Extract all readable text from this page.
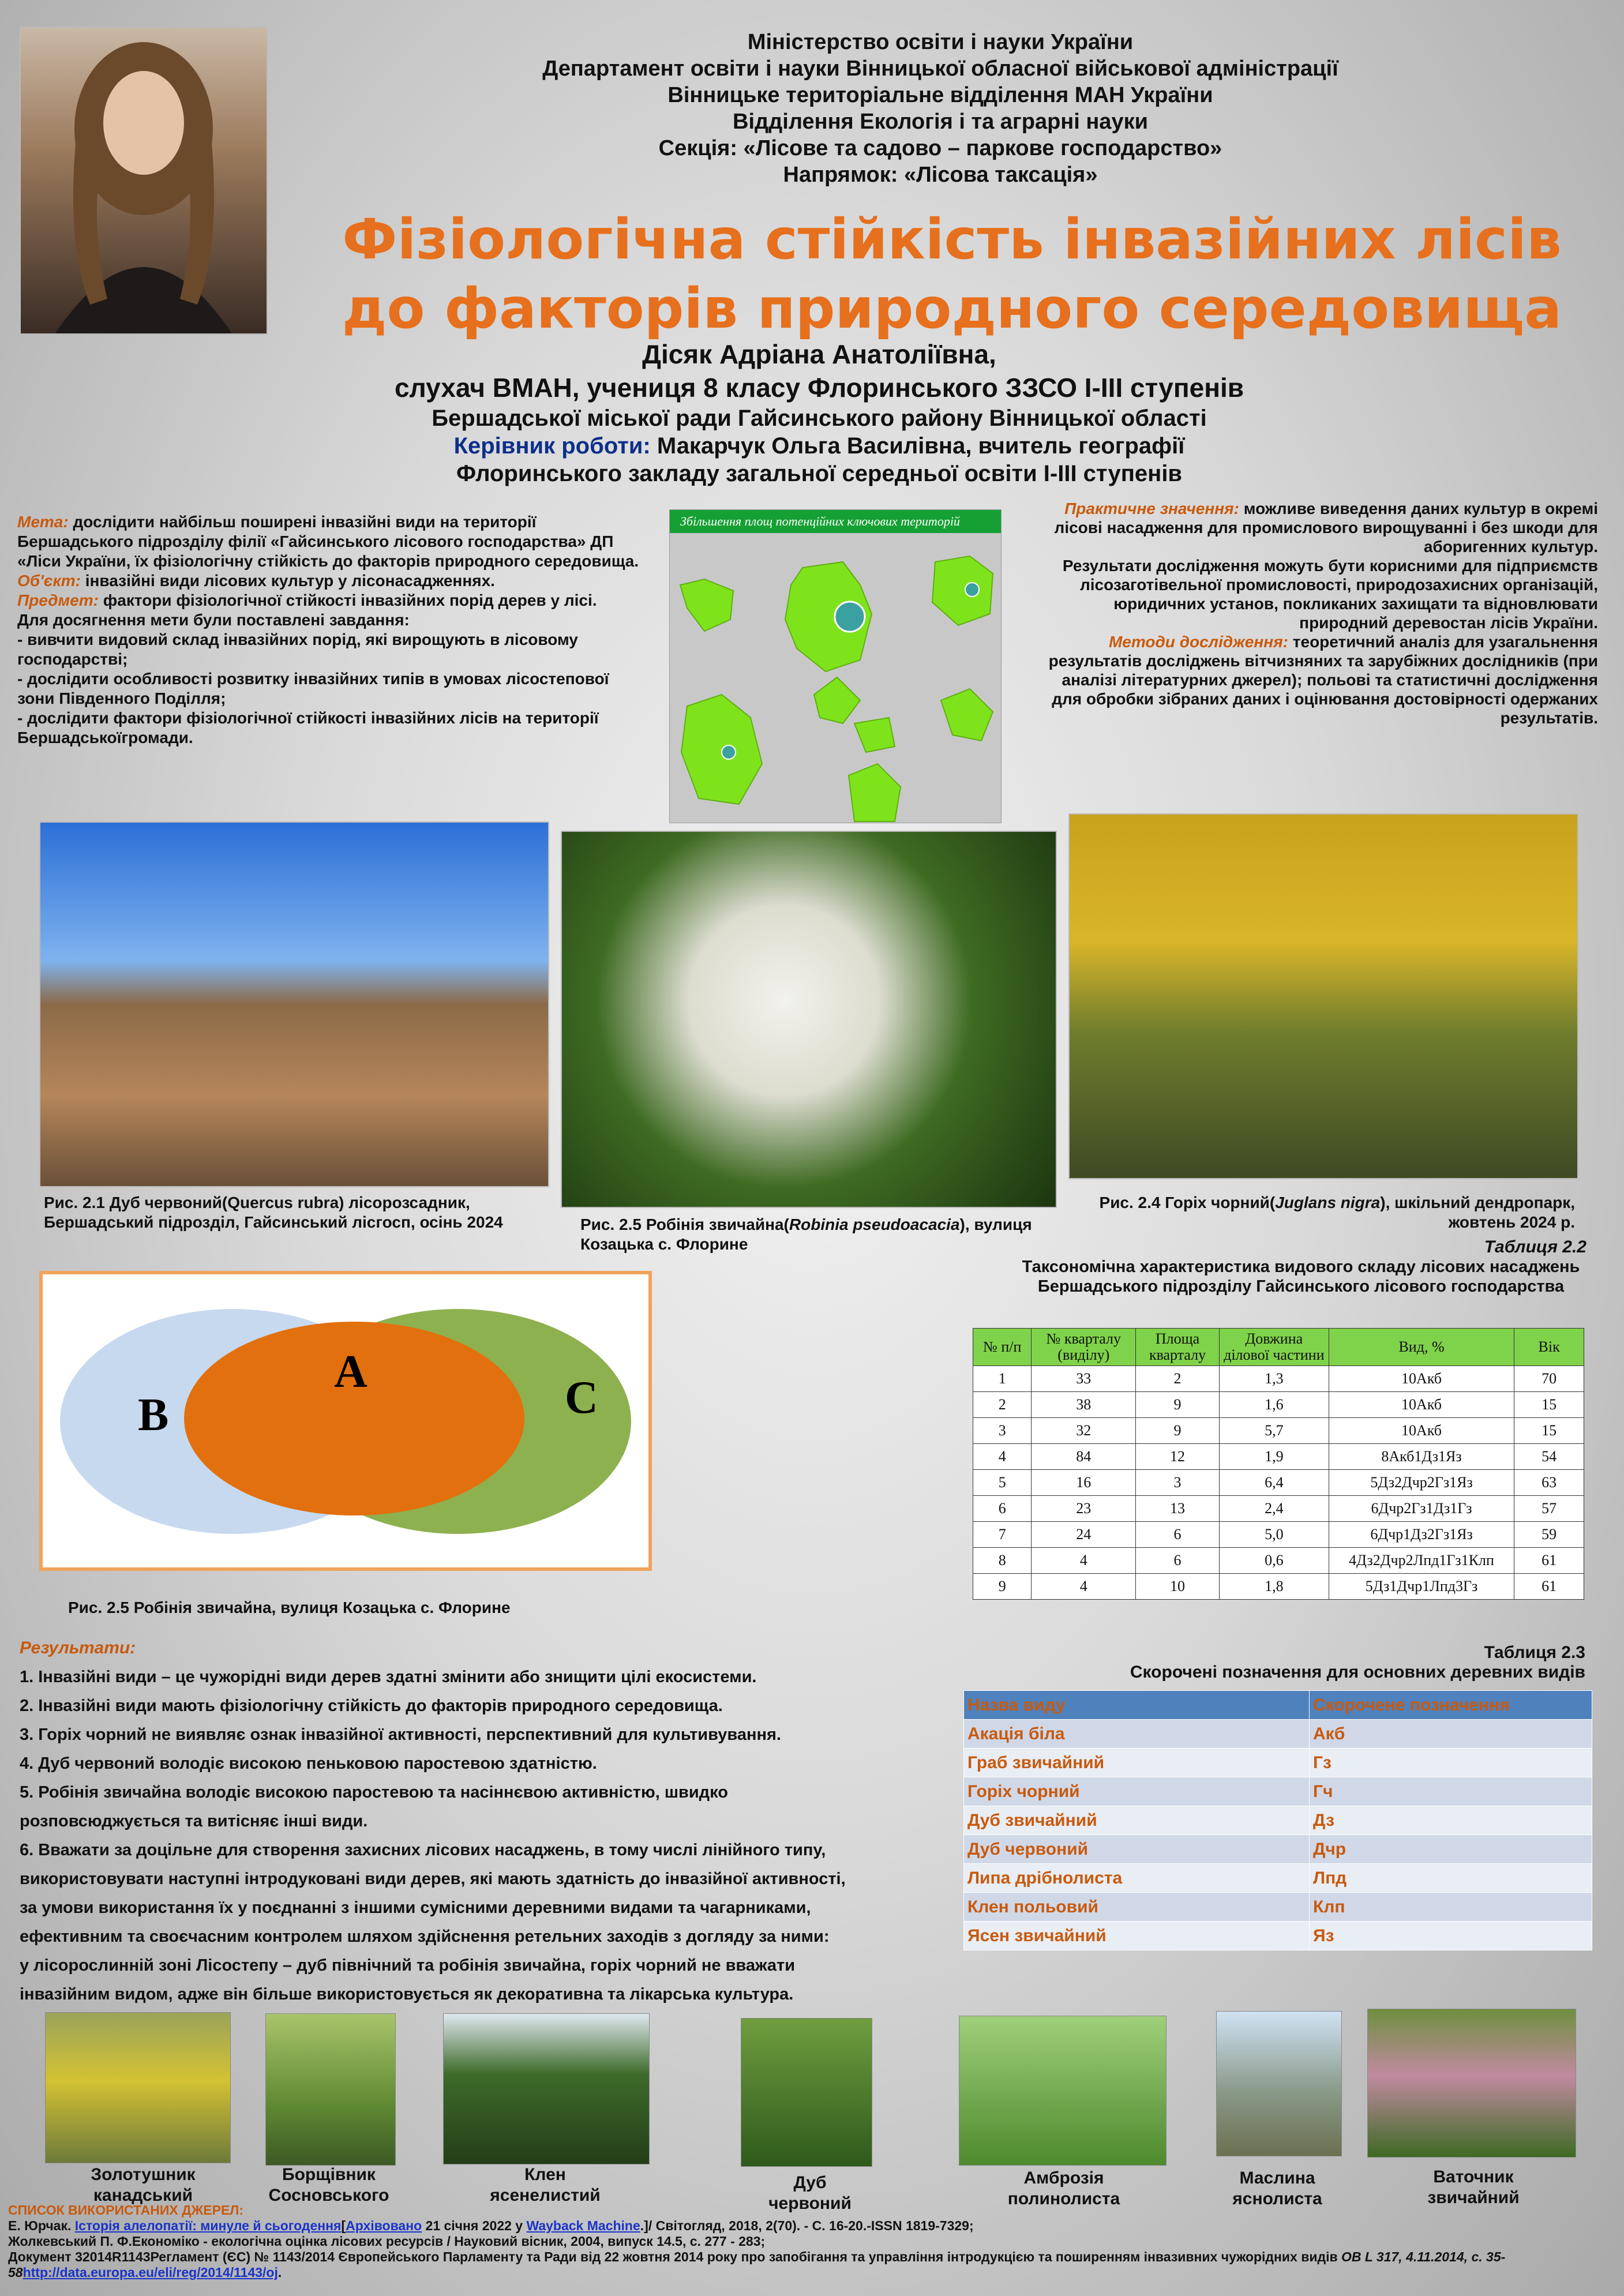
Міністерство освіти і науки України
Департамент освіти і науки Вінницької обласної військової адміністрації
Вінницьке територіальне відділення МАН України
Відділення Екологія і та аграрні науки
Секція: «Лісове та садово – паркове господарство»
Напрямок: «Лісова таксація»
Фізіологічна стійкість інвазійних лісів
до факторів природного середовища
Дісяк Адріана Анатоліївна,
слухач ВМАН, учениця 8 класу Флоринського ЗЗСО І-ІІІ ступенів
Бершадської міської ради Гайсинського району Вінницької області
Керівник роботи: Макарчук Ольга Василівна, вчитель географії
Флоринського закладу загальної середньої освіти І-ІІІ ступенів
Мета: дослідити найбільш поширені інвазійні види на території Бершадського підрозділу філії «Гайсинського лісового господарства» ДП «Ліси України, їх фізіологічну стійкість до факторів природного середовища.
Об'єкт: інвазійні види лісових культур у лісонасадженнях.
Предмет: фактори фізіологічної стійкості інвазійних порід дерев у лісі.
Для досягнення мети були поставлені завдання:
- вивчити видовий склад інвазійних порід, які вирощують в лісовому господарстві;
- дослідити особливості розвитку інвазійних типів в умовах лісостепової зони Південного Поділля;
- дослідити фактори фізіологічної стійкості інвазійних лісів на території Бершадськоїгромади.
Збільшення площ потенційних ключових територій
Практичне значення: можливе виведення даних культур в окремі лісові насадження для промислового вирощуванні і без шкоди для аборигенних культур.
Результати дослідження можуть бути корисними для підприємств лісозаготівельної промисловості, природозахисних організацій, юридичних установ, покликаних захищати та відновлювати природний деревостан лісів України.
Методи дослідження: теоретичний аналіз для узагальнення результатів досліджень вітчизняних та зарубіжних дослідників (при аналізі літературних джерел); польові та статистичні дослідження для обробки зібраних даних і оцінювання достовірності одержаних результатів.
Рис. 2.1 Дуб червоний(Quercus rubra) лісорозсадник, Бершадський підрозділ, Гайсинський лісгосп, осінь 2024	Рис. 2.5 Робінія звичайна(Robinia pseudoacacia), вулиця Козацька с. Флорине
Рис. 2.4 Горіх чорний(Juglans nigra), шкільний дендропарк, жовтень 2024 р.
B
A
C
Рис. 2.5 Робінія звичайна, вулиця Козацька с. Флорине
Таблиця 2.2
Таксономічна характеристика видового складу лісових насаджень Бершадського підрозділу Гайсинського лісового господарства
№ п/п	№ кварталу (виділу)	Площа кварталу	Довжина ділової частини	Вид, %	Вік
1	33	2	1,3	10Акб	70
2	38	9	1,6	10Акб	15
3	32	9	5,7	10Акб	15
4	84	12	1,9	8Акб1Дз1Яз	54
5	16	3	6,4	5Дз2Дчр2Гз1Яз	63
6	23	13	2,4	6Дчр2Гз1Дз1Гз	57
7	24	6	5,0	6Дчр1Дз2Гз1Яз	59
8	4	6	0,6	4Дз2Дчр2Лпд1Гз1Клп	61
9	4	10	1,8	5Дз1Дчр1Лпд3Гз	61
Результати:
1. Інвазійні види – це чужорідні види дерев здатні змінити або знищити цілі екосистеми.
2. Інвазійні види мають фізіологічну стійкість до факторів природного середовища.
3. Горіх чорний не виявляє ознак інвазійної активності, перспективний для культивування.
4. Дуб червоний володіє високою пеньковою паростевою здатністю.
5. Робінія звичайна володіє високою паростевою та насіннєвою активністю, швидко
розповсюджується та витісняє інші види.
6. Вважати за доцільне для створення захисних лісових насаджень, в тому числі лінійного типу,
використовувати наступні інтродуковані види дерев, які мають здатність до інвазійної активності,
за умови використання їх у поєднанні з іншими сумісними деревними видами та чагарниками,
ефективним та своєчасним контролем шляхом здійснення ретельних заходів з догляду за ними:
у лісорослинній зоні Лісостепу – дуб північний та робінія звичайна, горіх чорний не вважати
інвазійним видом, адже він більше використовується як декоративна та лікарська культура.
Таблиця 2.3
Скорочені позначення для основних деревних видів
Назва виду	Скорочене позначення
Акація біла	Акб
Граб звичайний	Гз
Горіх чорний	Гч
Дуб звичайний	Дз
Дуб червоний	Дчр
Липа дрібнолиста	Лпд
Клен польовий	Клп
Ясен звичайний	Яз
Золотушник
канадський
Борщівник
Сосновського
Клен
ясенелистий
Дуб
червоний
Амброзія
полинолиста
Маслина
яснолиста
Ваточник
звичайний
СПИСОК ВИКОРИСТАНИХ ДЖЕРЕЛ:
Е. Юрчак. Історія алелопатії: минуле й сьогодення[Архівовано 21 січня 2022 у Wayback Machine.]/ Світогляд, 2018, 2(70). - С. 16-20.-ISSN 1819-7329;
Жолкевський П. Ф.Економіко - екологічна оцінка лісових ресурсів / Науковий вісник, 2004, випуск 14.5, с. 277 - 283;
Документ 32014R1143Регламент (ЄС) № 1143/2014 Європейського Парламенту та Ради від 22 жовтня 2014 року про запобігання та управління інтродукцією та поширенням інвазивних чужорідних видів OB L 317, 4.11.2014, с. 35-58http://data.europa.eu/eli/reg/2014/1143/oj.
